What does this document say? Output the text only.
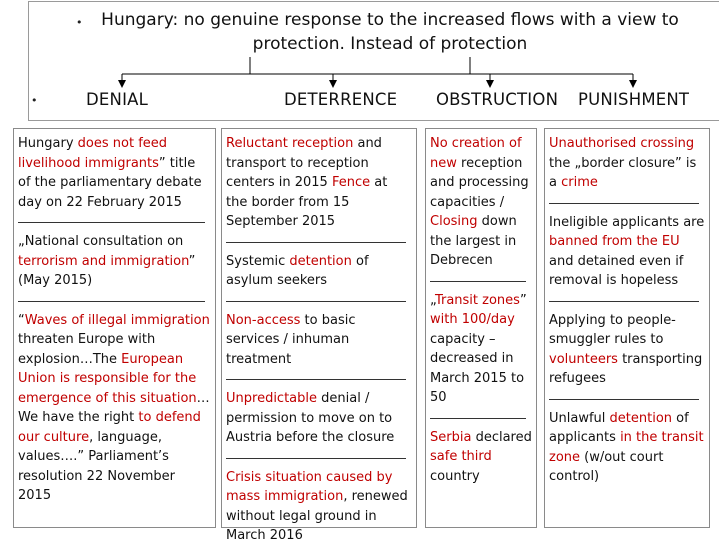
•
•
Hungary: no genuine response to the increased flows with a view to protection. Instead of protection
DENIAL	DETERRENCE OBSTRUCTION PUNISHMENT

Hungary does not feed livelihood immigrants” title of the parliamentary debate day on 22 February 2015

„National consultation on terrorism and immigration” (May 2015)

“Waves of illegal immigration threaten Europe with explosion…The European Union is responsible for the emergence of this situation… We have the right to defend our culture, language, values….” Parliament’s resolution 22 November 2015

Reluctant reception and transport to reception centers in 2015 Fence at the border from 15 September 2015

Systemic detention of asylum seekers

Non-access to basic services / inhuman treatment

Unpredictable denial / permission to move on to Austria before the closure

Crisis situation caused by mass immigration, renewed without legal ground in March 2016

No creation of new reception and processing capacities / Closing down the largest in Debrecen

„Transit zones” with 100/day capacity – decreased in March 2015 to 50

Serbia declared safe third country

Unauthorised crossing the „border closure” is a crime

Ineligible applicants are banned from the EU and detained even if removal is hopeless

Applying to people-smuggler rules to volunteers transporting refugees

Unlawful detention of applicants in the transit zone (w/out court control)
